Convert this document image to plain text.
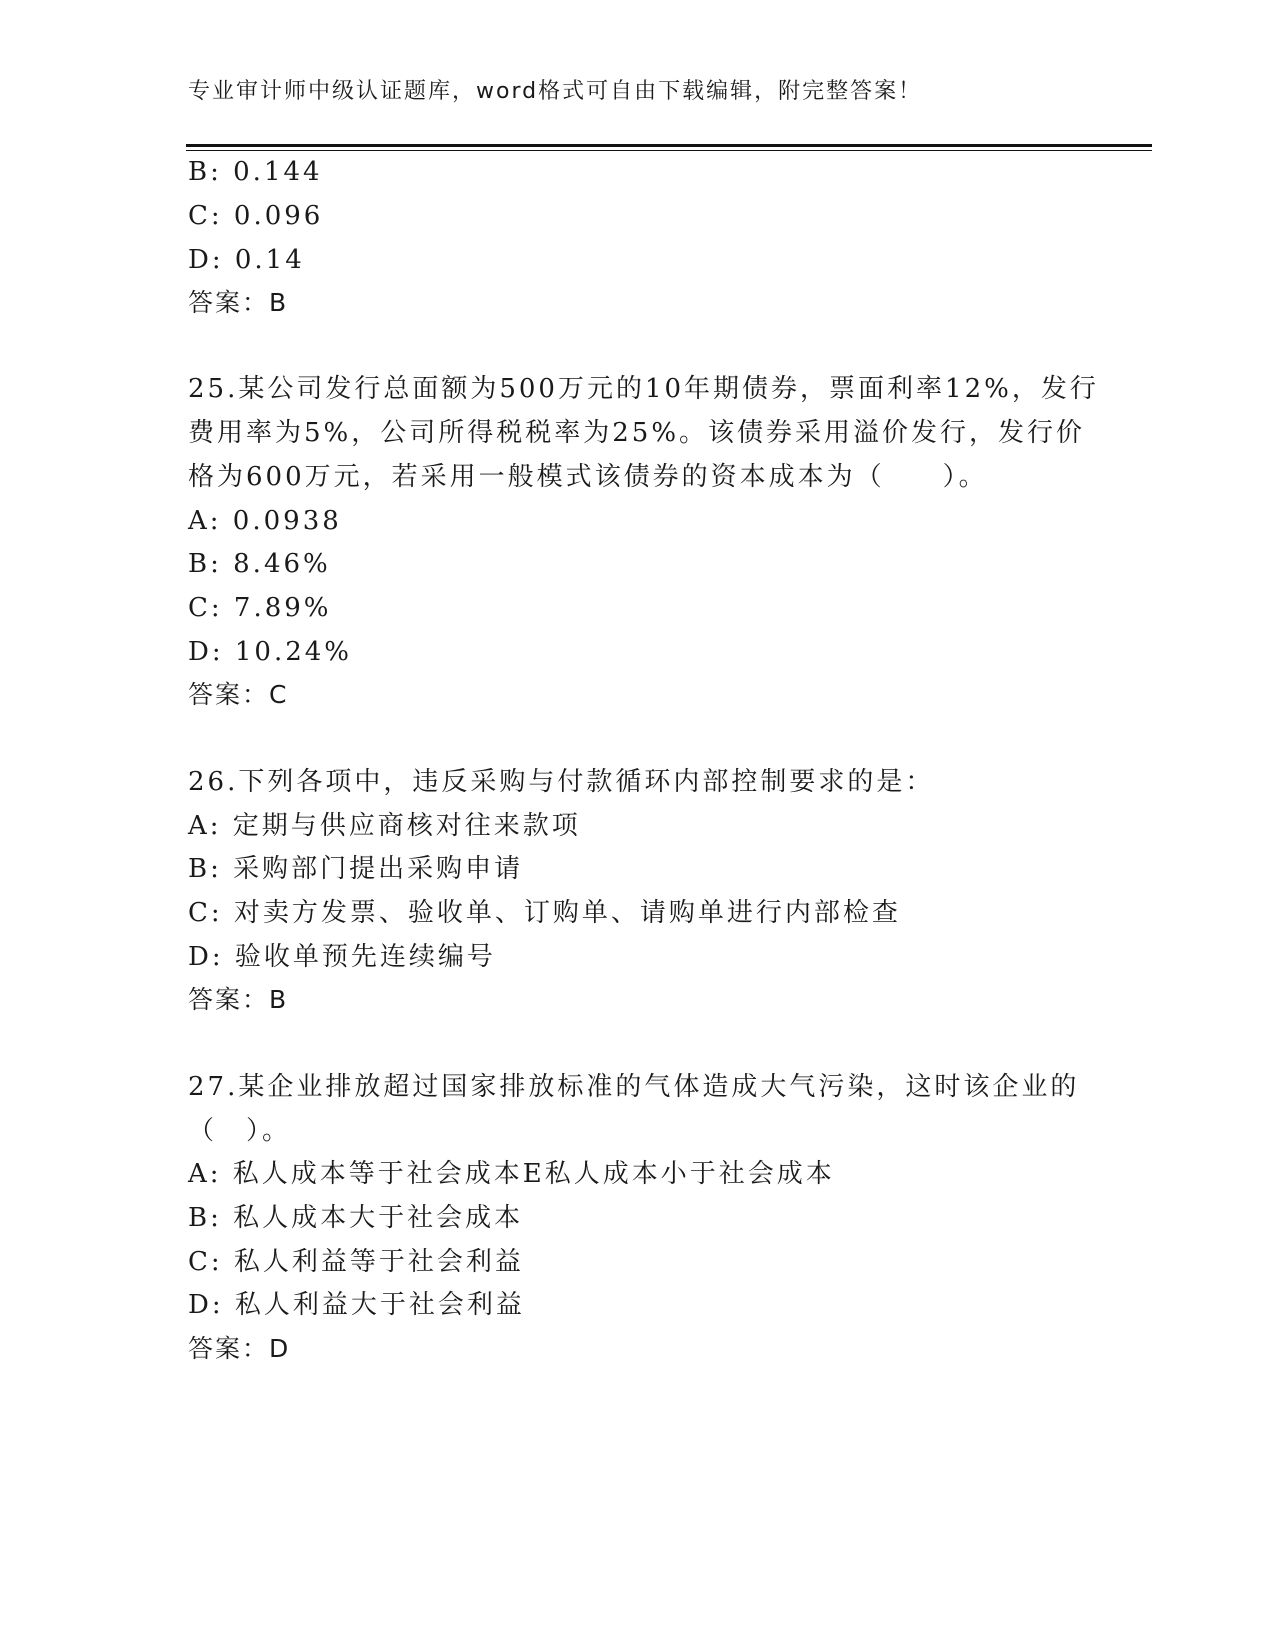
专业审计师中级认证题库，word格式可自由下载编辑，附完整答案！
B: 0.144
C: 0.096
D: 0.14
答案：B
25.某公司发行总面额为500万元的10年期债券，票面利率12%，发行
费用率为5%，公司所得税税率为25%。该债券采用溢价发行，发行价
格为600万元，若采用一般模式该债券的资本成本为（　　）。
A: 0.0938
B: 8.46%
C: 7.89%
D: 10.24%
答案：C
26.下列各项中，违反采购与付款循环内部控制要求的是：
A: 定期与供应商核对往来款项
B: 采购部门提出采购申请
C: 对卖方发票、验收单、订购单、请购单进行内部检查
D: 验收单预先连续编号
答案：B
27.某企业排放超过国家排放标准的气体造成大气污染，这时该企业的
（　）。
A: 私人成本等于社会成本E私人成本小于社会成本
B: 私人成本大于社会成本
C: 私人利益等于社会利益
D: 私人利益大于社会利益
答案：D
